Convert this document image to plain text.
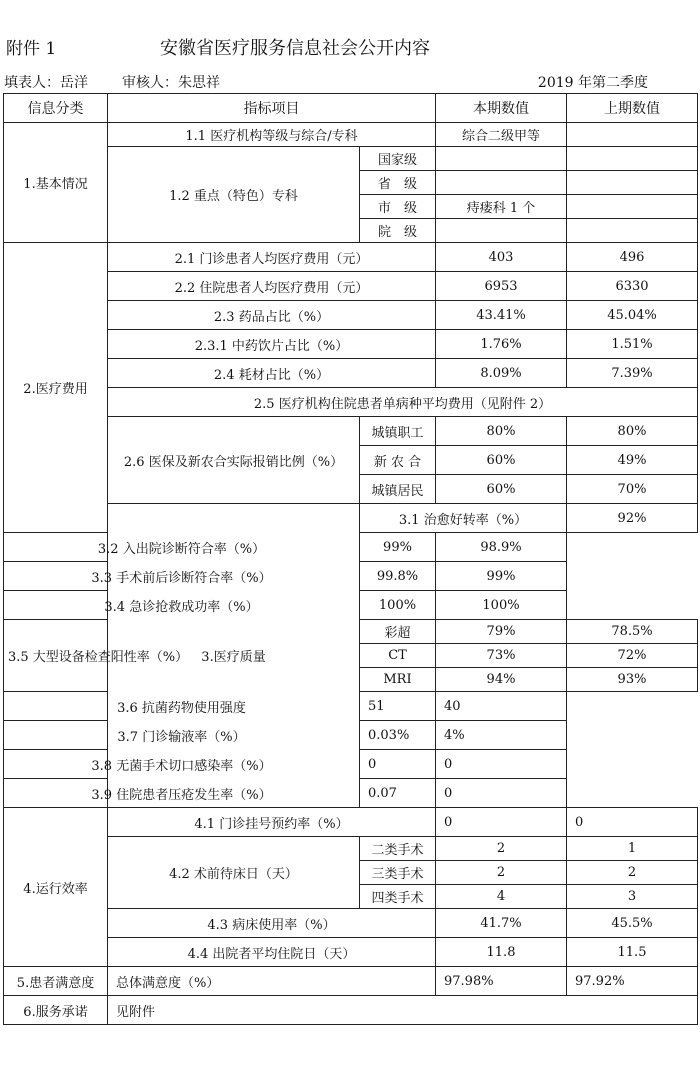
附件 1	安徽省医疗服务信息社会公开内容
填表人：岳洋 审核人：朱思祥	2019 年第二季度
信息分类	指标项目		本期数值	上期数值	
1.基本情况	1.1 医疗机构等级与综合/专科		综合二级甲等		
	1.2 重点（特色）专科	国家级			
		省　级			
		市　级	痔瘘科 1 个		
		院　级			
2.医疗费用	2.1 门诊患者人均医疗费用（元）		403	496	
	2.2 住院患者人均医疗费用（元）		6953	6330	
	2.3 药品占比（%）		43.41%	45.04%	
	2.3.1 中药饮片占比（%）		1.76%	1.51%	
	2.4 耗材占比（%）		8.09%	7.39%	
	2.5 医疗机构住院患者单病种平均费用（见附件 2）				
	2.6 医保及新农合实际报销比例（%）	城镇职工	80%	80%	
		新 农 合	60%	49%	
		城镇居民	60%	70%	
	3.医疗质量	3.1 治愈好转率（%）		92%	
3.2 入出院诊断符合率（%）		99%	98.9%		
3.3 手术前后诊断符合率（%）		99.8%	99%		
3.4 急诊抢救成功率（%）		100%	100%		
3.5 大型设备检查阳性率（%）		彩超	79%	78.5%	
		CT	73%	72%	
		MRI	94%	93%	
3.6 抗菌药物使用强度		51	40		
3.7 门诊输液率（%）		0.03%	4%		
3.8 无菌手术切口感染率（%）		0	0		
3.9 住院患者压疮发生率（%）		0.07	0		
4.运行效率	4.1 门诊挂号预约率（%）		0	0	
	4.2 术前待床日（天）	二类手术	2	1	
		三类手术	2	2	
		四类手术	4	3	
	4.3 病床使用率（%）		41.7%	45.5%	
	4.4 出院者平均住院日（天）		11.8	11.5	
5.患者满意度	总体满意度（%）		97.98%	97.92%	
6.服务承诺	见附件				
